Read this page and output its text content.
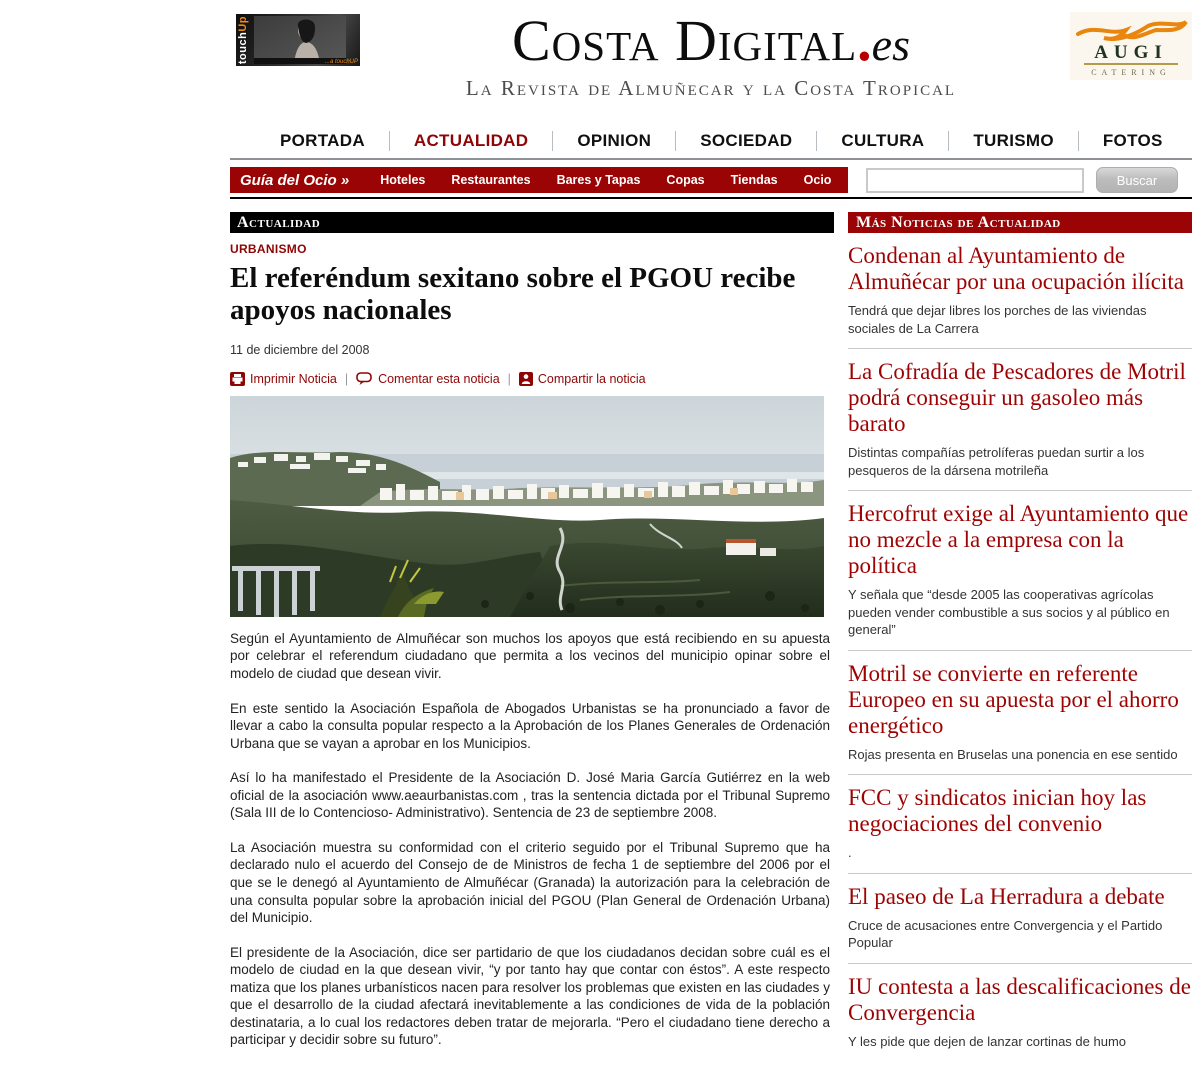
touchUp
...a touchUP	Costa Digital.es
La Revista de Almuñecar y la Costa Tropical
AUGI
CATERING
PORTADA	ACTUALIDAD	OPINION	SOCIEDAD	CULTURA	TURISMO	FOTOS
Guía del Ocio »	Hoteles	Restaurantes	Bares y Tapas	Copas	Tiendas	Ocio	Buscar
Actualidad
URBANISMO
El referéndum sexitano sobre el PGOU recibe apoyos nacionales
11 de diciembre del 2008
Imprimir Noticia | Comentar esta noticia | Compartir la noticia

Según el Ayuntamiento de Almuñécar son muchos los apoyos que está recibiendo en su apuesta por celebrar el referendum ciudadano que permita a los vecinos del municipio opinar sobre el modelo de ciudad que desean vivir.

En este sentido la Asociación Española de Abogados Urbanistas se ha pronunciado a favor de llevar a cabo la consulta popular respecto a la Aprobación de los Planes Generales de Ordenación Urbana que se vayan a aprobar en los Municipios.

Así lo ha manifestado el Presidente de la Asociación D. José Maria García Gutiérrez en la web oficial de la asociación www.aeaurbanistas.com , tras la sentencia dictada por el Tribunal Supremo (Sala III de lo Contencioso- Administrativo). Sentencia de 23 de septiembre 2008.

La Asociación muestra su conformidad con el criterio seguido por el Tribunal Supremo que ha declarado nulo el acuerdo del Consejo de de Ministros de fecha 1 de septiembre del 2006 por el que se le denegó al Ayuntamiento de Almuñécar (Granada) la autorización para la celebración de una consulta popular sobre la aprobación inicial del PGOU (Plan General de Ordenación Urbana) del Municipio.

El presidente de la Asociación, dice ser partidario de que los ciudadanos decidan sobre cuál es el modelo de ciudad en la que desean vivir, “y por tanto hay que contar con éstos”. A este respecto matiza que los planes urbanísticos nacen para resolver los problemas que existen en las ciudades y que el desarrollo de la ciudad afectará inevitablemente a las condiciones de vida de la población destinataria, a lo cual los redactores deben tratar de mejorarla. “Pero el ciudadano tiene derecho a participar y decidir sobre su futuro”.

Más Noticias de Actualidad
Condenan al Ayuntamiento de Almuñécar por una ocupación ilícita
Tendrá que dejar libres los porches de las viviendas sociales de La Carrera
La Cofradía de Pescadores de Motril podrá conseguir un gasoleo más barato
Distintas compañías petrolíferas puedan surtir a los pesqueros de la dársena motrileña
Hercofrut exige al Ayuntamiento que no mezcle a la empresa con la política
Y señala que “desde 2005 las cooperativas agrícolas pueden vender combustible a sus socios y al público en general”
Motril se convierte en referente Europeo en su apuesta por el ahorro energético
Rojas presenta en Bruselas una ponencia en ese sentido
FCC y sindicatos inician hoy las negociaciones del convenio
.
El paseo de La Herradura a debate
Cruce de acusaciones entre Convergencia y el Partido Popular
IU contesta a las descalificaciones de Convergencia
Y les pide que dejen de lanzar cortinas de humo
